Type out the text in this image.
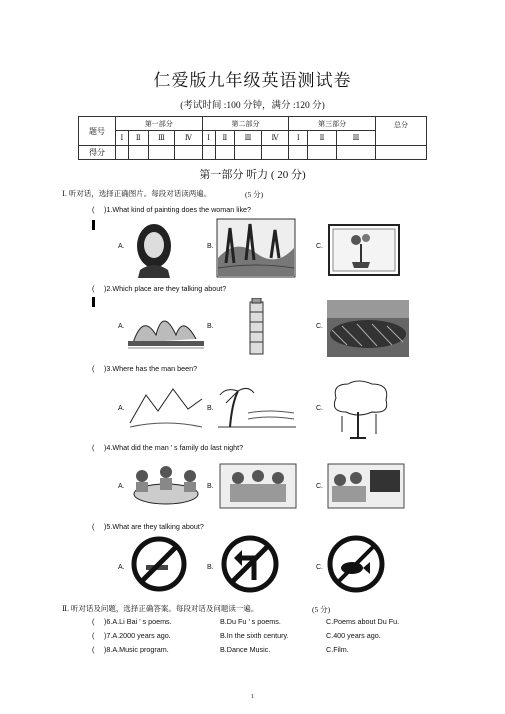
仁爱版九年级英语测试卷
(考试时间 :100 分钟，满分 :120 分)
题号	第一部分				第二部分				第三部分			总分
	Ⅰ	Ⅱ	Ⅲ	Ⅳ	Ⅰ	Ⅱ	Ⅲ	Ⅳ	Ⅰ	Ⅱ	Ⅲ	
得分												
第一部分 听力 ( 20 分)
Ⅰ. 听对话，选择正确图片。每段对话读两遍。	(5 分)
( )1.What kind of painting does the woman like?
A.	B.	C.
( )2.Which place are they talking about?
A.	B.	C.
( )3.Where has the man been?
A.	B.	C.
( )4.What did the man ’ s family do last night?
A.	B.	C.
( )5.What are they talking about?
A.	B.	C.
Ⅱ. 听对话及问题，选择正确答案。每段对话及问题读一遍。	(5 分)
( )6.A.Li Bai ’ s poems.	B.Du Fu ’ s poems.	C.Poems about Du Fu.
( )7.A.2000 years ago.	B.In the sixth century.	C.400 years ago.
( )8.A.Music program.	B.Dance Music.	C.Film.
1
